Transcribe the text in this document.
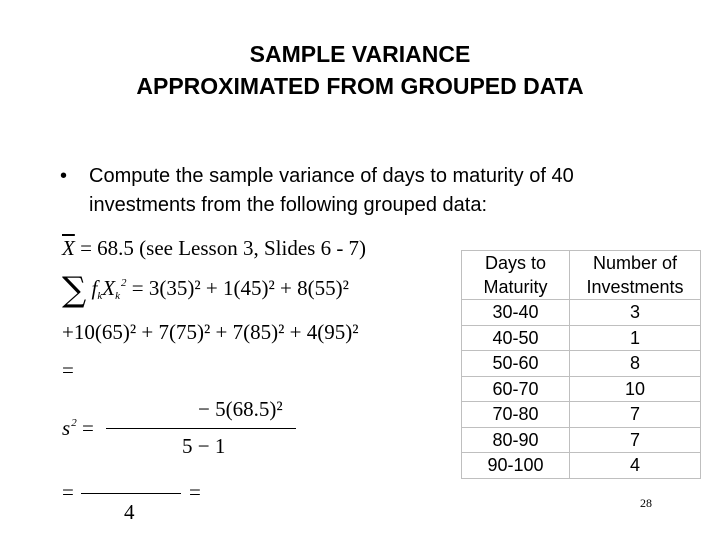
SAMPLE VARIANCE
APPROXIMATED FROM GROUPED DATA
•	Compute the sample variance of days to maturity of 40 investments from the following grouped data:
$\overline{X} = 68.5$ (see Lesson 3, Slides 6 - 7)
∑ $f_kX_k^2 = 3(35)^2 + 1(45)^2 + 8(55)^2$
+10(65)² + 7(75)² + 7(85)² + 4(95)²
=
$s^2$ =
− 5(68.5)²
5 − 1
=	=
4
Days to Maturity	Number of Investments
30-40	3
40-50	1
50-60	8
60-70	10
70-80	7
80-90	7
90-100	4
28
